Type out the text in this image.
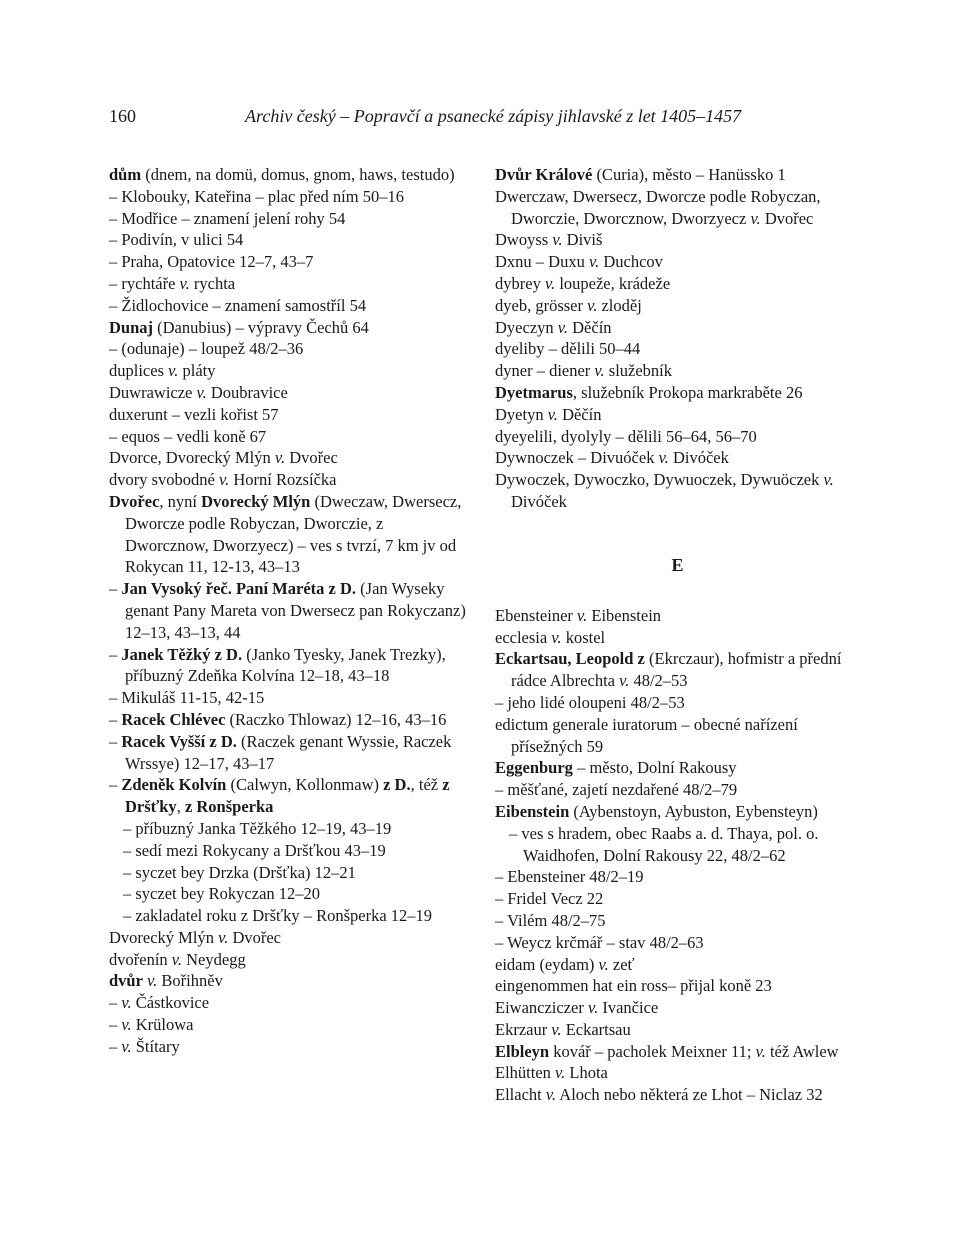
160	Archiv český – Popravčí a psanecké zápisy jihlavské z let 1405–1457
dům (dnem, na domü, domus, gnom, haws, testudo)
– Klobouky, Kateřina – plac před ním 50–16
– Modřice – znamení jelení rohy 54
– Podivín, v ulici 54
– Praha, Opatovice 12–7, 43–7
– rychtáře v. rychta
– Židlochovice – znamení samostříl 54
Dunaj (Danubius) – výpravy Čechů 64
– (odunaje) – loupež 48/2–36
duplices v. pláty
Duwrawicze v. Doubravice
duxerunt – vezli kořist 57
– equos – vedli koně 67
Dvorce, Dvorecký Mlýn v. Dvořec
dvory svobodné v. Horní Rozsíčka
Dvořec, nyní Dvorecký Mlýn (Dweczaw, Dwersecz, Dworcze podle Robyczan, Dworczie, z Dworcznow, Dworzyecz) – ves s tvrzí, 7 km jv od Rokycan 11, 12-13, 43–13
– Jan Vysoký řeč. Paní Maréta z D. (Jan Wyseky genant Pany Mareta von Dwersecz pan Rokyczanz) 12–13, 43–13, 44
– Janek Těžký z D. (Janko Tyesky, Janek Trezky), příbuzný Zdeňka Kolvína 12–18, 43–18
– Mikuláš 11-15, 42-15
– Racek Chlévec (Raczko Thlowaz) 12–16, 43–16
– Racek Vyšší z D. (Raczek genant Wyssie, Raczek Wrssye) 12–17, 43–17
– Zdeněk Kolvín (Calwyn, Kollonmaw) z D., též z Dršťky, z Ronšperka
– příbuzný Janka Těžkého 12–19, 43–19
– sedí mezi Rokycany a Dršťkou 43–19
– syczet bey Drzka (Dršťka) 12–21
– syczet bey Rokyczan 12–20
– zakladatel roku z Dršťky – Ronšperka 12–19
Dvorecký Mlýn v. Dvořec
dvořenín v. Neydegg
dvůr v. Bořihněv
– v. Částkovice
– v. Krülowa
– v. Štítary
Dvůr Králové (Curia), město – Hanüssko 1
Dwerczaw, Dwersecz, Dworcze podle Robyczan, Dworczie, Dworcznow, Dworzyecz v. Dvořec
Dwoyss v. Diviš
Dxnu – Duxu v. Duchcov
dybrey v. loupeže, krádeže
dyeb, grösser v. zloděj
Dyeczyn v. Děčín
dyeliby – dělili 50–44
dyner – diener v. služebník
Dyetmarus, služebník Prokopa markraběte 26
Dyetyn v. Děčín
dyeyelili, dyolyly – dělili 56–64, 56–70
Dywnoczek – Divuóček v. Divóček
Dywoczek, Dywoczko, Dywuoczek, Dywuöczek v. Divóček
E
Ebensteiner v. Eibenstein
ecclesia v. kostel
Eckartsau, Leopold z (Ekrczaur), hofmistr a přední rádce Albrechta v. 48/2–53
– jeho lidé oloupeni 48/2–53
edictum generale iuratorum – obecné nařízení přísežných 59
Eggenburg – město, Dolní Rakousy
– měšťané, zajetí nezdařené 48/2–79
Eibenstein (Aybenstoyn, Aybuston, Eybensteyn)
– ves s hradem, obec Raabs a. d. Thaya, pol. o. Waidhofen, Dolní Rakousy 22, 48/2–62
– Ebensteiner 48/2–19
– Fridel Vecz 22
– Vilém 48/2–75
– Weycz krčmář – stav 48/2–63
eidam (eydam) v. zeť
eingenommen hat ein ross– přijal koně 23
Eiwancziczer v. Ivančice
Ekrzaur v. Eckartsau
Elbleyn kovář – pacholek Meixner 11; v. též Awlew
Elhütten v. Lhota
Ellacht v. Aloch nebo některá ze Lhot – Niclaz 32
